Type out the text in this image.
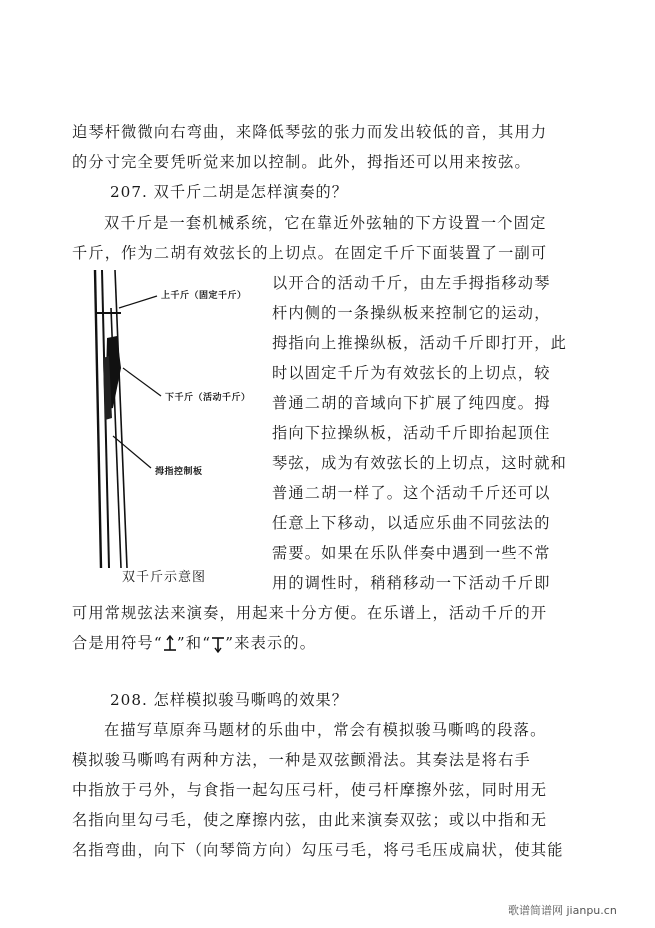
迫琴杆微微向右弯曲，来降低琴弦的张力而发出较低的音，其用力
的分寸完全要凭听觉来加以控制。此外，拇指还可以用来按弦。
207. 双千斤二胡是怎样演奏的？
双千斤是一套机械系统，它在靠近外弦轴的下方设置一个固定
千斤，作为二胡有效弦长的上切点。在固定千斤下面装置了一副可
以开合的活动千斤，由左手拇指移动琴
杆内侧的一条操纵板来控制它的运动，
拇指向上推操纵板，活动千斤即打开，此
时以固定千斤为有效弦长的上切点，较
普通二胡的音域向下扩展了纯四度。拇
指向下拉操纵板，活动千斤即抬起顶住
琴弦，成为有效弦长的上切点，这时就和
普通二胡一样了。这个活动千斤还可以
任意上下移动，以适应乐曲不同弦法的
需要。如果在乐队伴奏中遇到一些不常
用的调性时，稍稍移动一下活动千斤即
可用常规弦法来演奏，用起来十分方便。在乐谱上，活动千斤的开
合是用符号“ ”和“ ”来表示的。
208. 怎样模拟骏马嘶鸣的效果？
在描写草原奔马题材的乐曲中，常会有模拟骏马嘶鸣的段落。
模拟骏马嘶鸣有两种方法，一种是双弦颤滑法。其奏法是将右手
中指放于弓外，与食指一起勾压弓杆，使弓杆摩擦外弦，同时用无
名指向里勾弓毛，使之摩擦内弦，由此来演奏双弦；或以中指和无
名指弯曲，向下（向琴筒方向）勾压弓毛，将弓毛压成扁状，使其能
上千斤（固定千斤）
下千斤（活动千斤）
拇指控制板
双千斤示意图
歌谱简谱网 jianpu.cn
